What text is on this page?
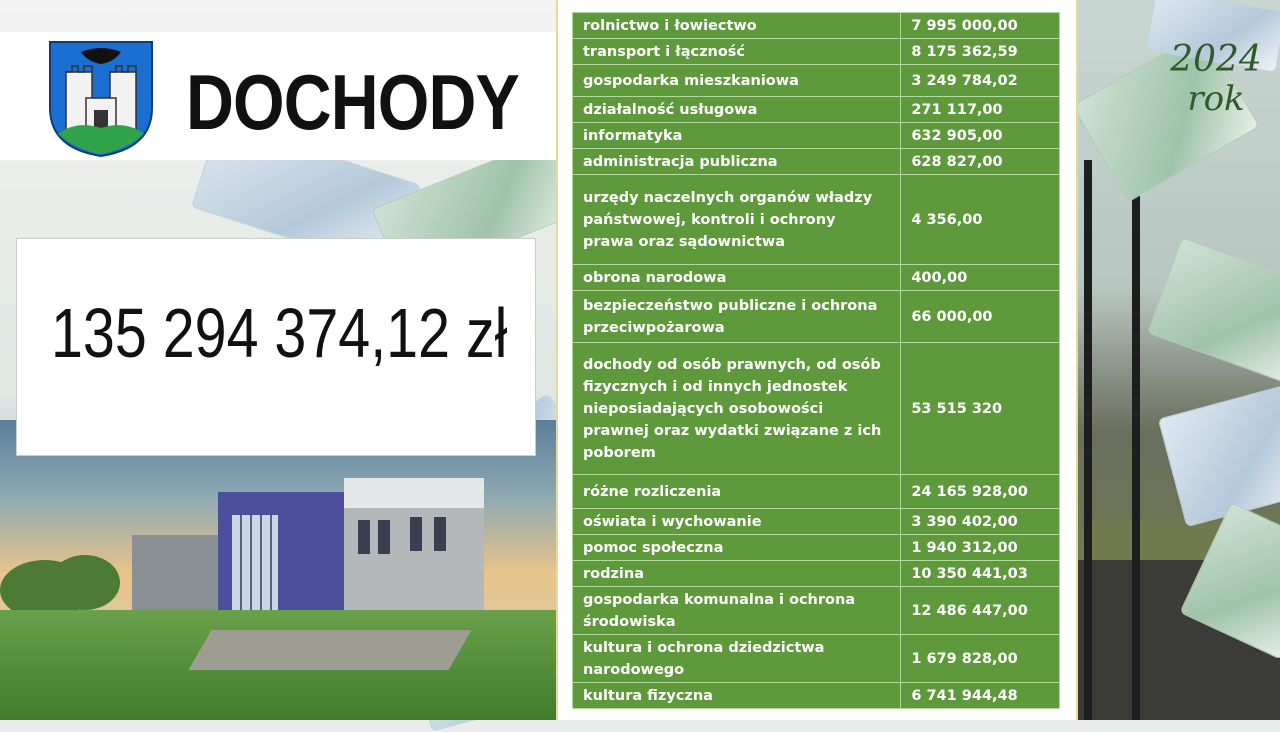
DOCHODY
135 294 374,12 zł
rolnictwo i łowiectwo	7 995 000,00
transport i łączność	8 175 362,59
gospodarka mieszkaniowa	3 249 784,02
działalność usługowa	271 117,00
informatyka	632 905,00
administracja publiczna	628 827,00
urzędy naczelnych organów władzy państwowej, kontroli i ochrony prawa oraz sądownictwa	4 356,00
obrona narodowa	400,00
bezpieczeństwo publiczne i ochrona przeciwpożarowa	66 000,00
dochody od osób prawnych, od osób fizycznych i od innych jednostek nieposiadających osobowości prawnej oraz wydatki związane z ich poborem	53 515 320
różne rozliczenia	24 165 928,00
oświata i wychowanie	3 390 402,00
pomoc społeczna	1 940 312,00
rodzina	10 350 441,03
gospodarka komunalna i ochrona środowiska	12 486 447,00
kultura i ochrona dziedzictwa narodowego	1 679 828,00
kultura fizyczna	6 741 944,48
2024
rok
